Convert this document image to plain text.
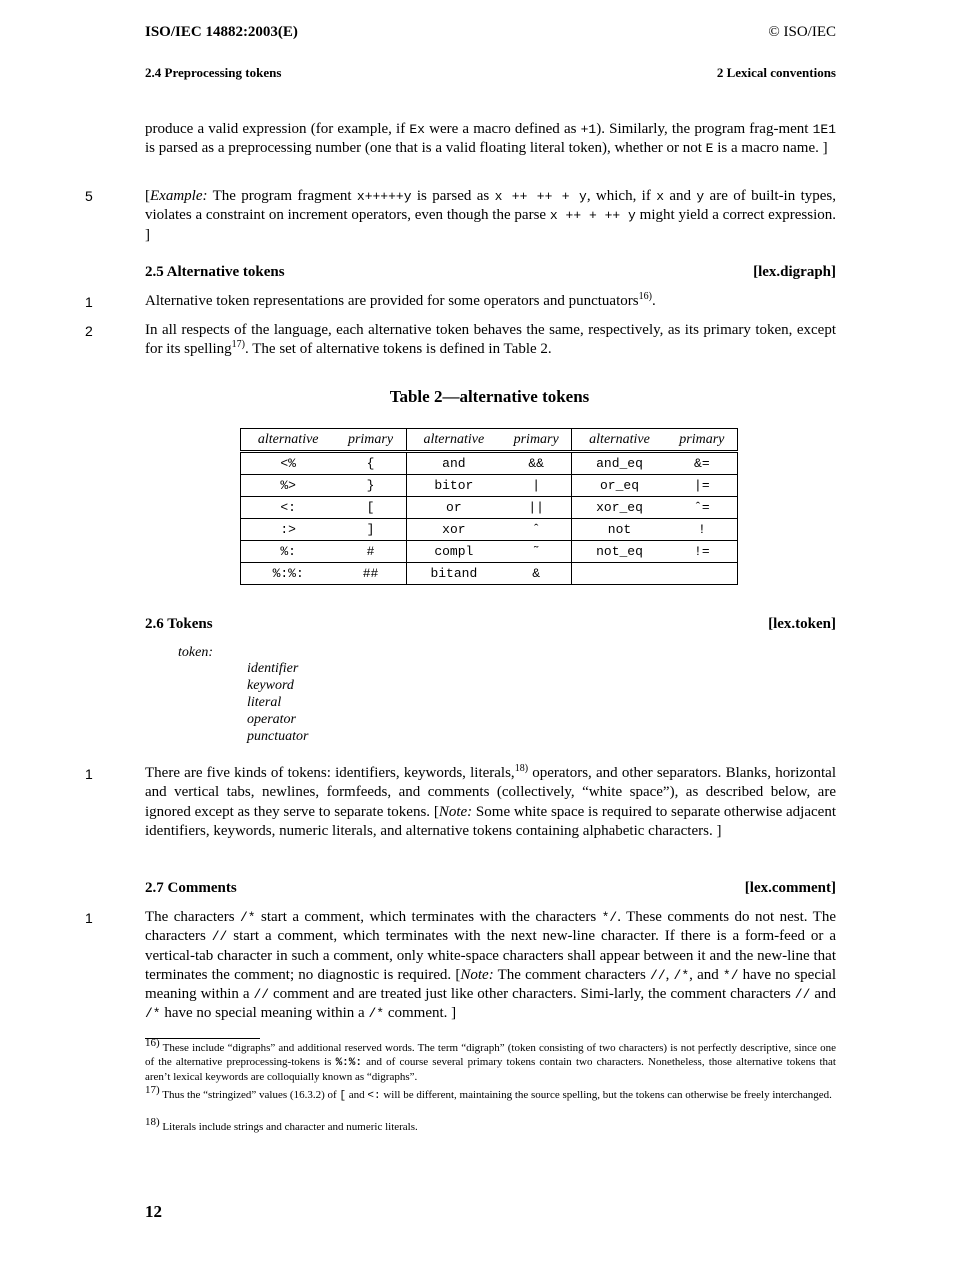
ISO/IEC 14882:2003(E)	© ISO/IEC
2.4 Preprocessing tokens	2 Lexical conventions
produce a valid expression (for example, if Ex were a macro defined as +1). Similarly, the program frag-ment 1E1 is parsed as a preprocessing number (one that is a valid floating literal token), whether or not E is a macro name. ]
5	[Example: The program fragment x+++++y is parsed as x ++ ++ + y, which, if x and y are of built-in types, violates a constraint on increment operators, even though the parse x ++ + ++ y might yield a correct expression. ]
2.5 Alternative tokens	[lex.digraph]
1	Alternative token representations are provided for some operators and punctuators$^{16)}$.
2	In all respects of the language, each alternative token behaves the same, respectively, as its primary token, except for its spelling$^{17)}$. The set of alternative tokens is defined in Table 2.
Table 2—alternative tokens
alternative	primary	alternative	primary	alternative	primary
<%	{	and	&&	and_eq	&=
%>	}	bitor	|	or_eq	|=
<:	[	or	||	xor_eq	ˆ=
:>	]	xor	ˆ	not	!
%:	#	compl	˜	not_eq	!=
%:%:	##	bitand	&		
2.6 Tokens	[lex.token]
token:
identifier
keyword
literal
operator
punctuator
1	There are five kinds of tokens: identifiers, keywords, literals,$^{18)}$ operators, and other separators. Blanks, horizontal and vertical tabs, newlines, formfeeds, and comments (collectively, “white space”), as described below, are ignored except as they serve to separate tokens. [Note: Some white space is required to separate otherwise adjacent identifiers, keywords, numeric literals, and alternative tokens containing alphabetic characters. ]
2.7 Comments	[lex.comment]
1	The characters /* start a comment, which terminates with the characters */. These comments do not nest. The characters // start a comment, which terminates with the next new-line character. If there is a form-feed or a vertical-tab character in such a comment, only white-space characters shall appear between it and the new-line that terminates the comment; no diagnostic is required. [Note: The comment characters //, /*, and */ have no special meaning within a // comment and are treated just like other characters. Simi-larly, the comment characters // and /* have no special meaning within a /* comment. ]
16) These include “digraphs” and additional reserved words. The term “digraph” (token consisting of two characters) is not perfectly descriptive, since one of the alternative preprocessing-tokens is %:%: and of course several primary tokens contain two characters. Nonetheless, those alternative tokens that aren’t lexical keywords are colloquially known as “digraphs”.
17) Thus the “stringized” values (16.3.2) of [ and <: will be different, maintaining the source spelling, but the tokens can otherwise be freely interchanged.
18) Literals include strings and character and numeric literals.
12
